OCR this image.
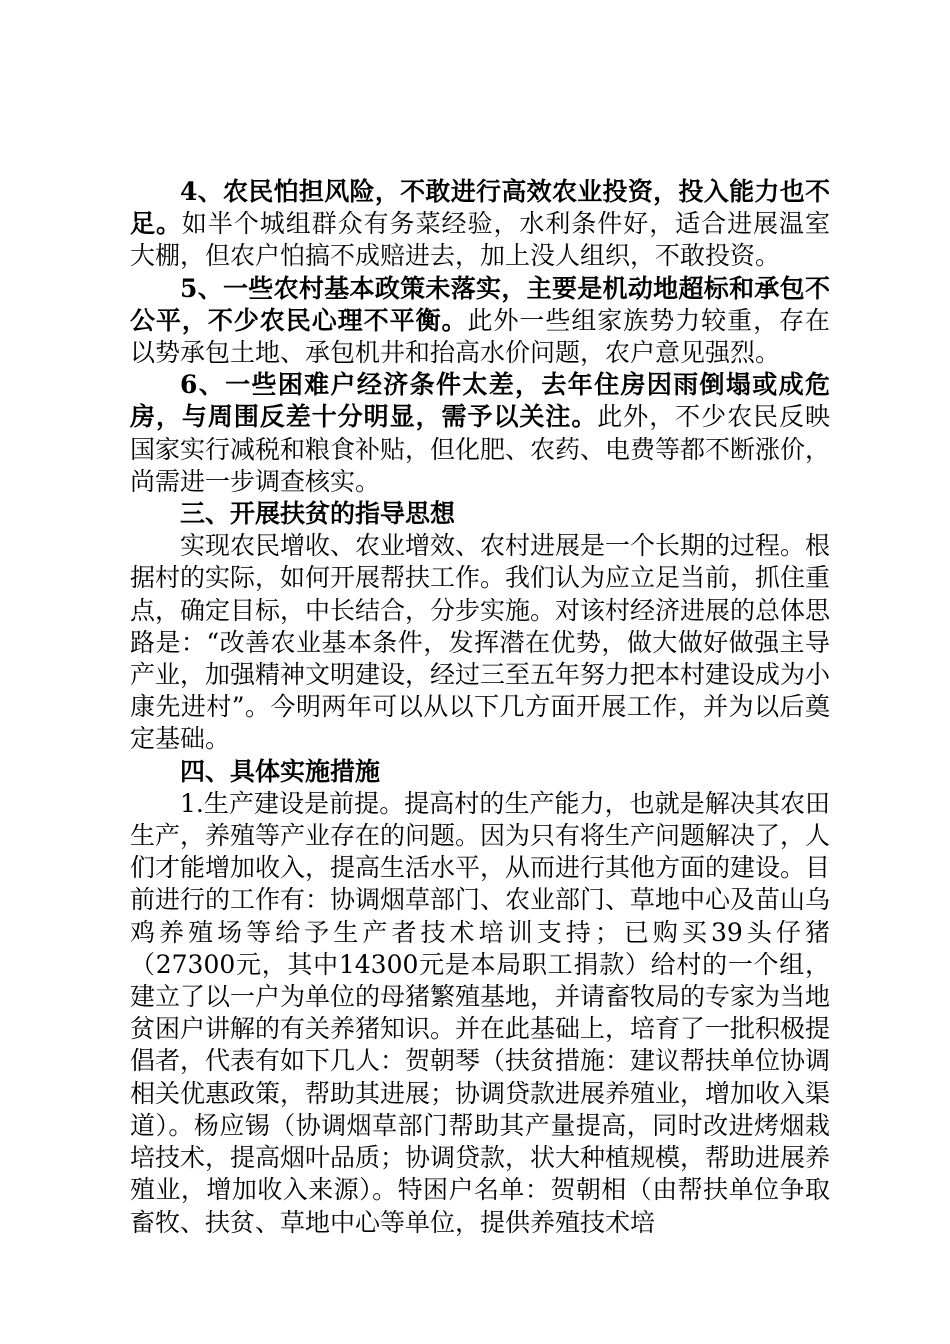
4、农民怕担风险，不敢进行高效农业投资，投入能力也不足。如半个城组群众有务菜经验，水利条件好，适合进展温室大棚，但农户怕搞不成赔进去，加上没人组织，不敢投资。

5、一些农村基本政策未落实，主要是机动地超标和承包不公平，不少农民心理不平衡。此外一些组家族势力较重，存在以势承包土地、承包机井和抬高水价问题，农户意见强烈。

6、一些困难户经济条件太差，去年住房因雨倒塌或成危房，与周围反差十分明显，需予以关注。此外，不少农民反映国家实行减税和粮食补贴，但化肥、农药、电费等都不断涨价，尚需进一步调查核实。

三、开展扶贫的指导思想

实现农民增收、农业增效、农村进展是一个长期的过程。根据村的实际，如何开展帮扶工作。我们认为应立足当前，抓住重点，确定目标，中长结合，分步实施。对该村经济进展的总体思路是：“改善农业基本条件，发挥潜在优势，做大做好做强主导产业，加强精神文明建设，经过三至五年努力把本村建设成为小康先进村”。今明两年可以从以下几方面开展工作，并为以后奠定基础。

四、具体实施措施

1.生产建设是前提。提高村的生产能力，也就是解决其农田生产，养殖等产业存在的问题。因为只有将生产问题解决了，人们才能增加收入，提高生活水平，从而进行其他方面的建设。目前进行的工作有：协调烟草部门、农业部门、草地中心及苗山乌鸡养殖场等给予生产者技术培训支持；已购买39头仔猪（27300元，其中14300元是本局职工捐款）给村的一个组，建立了以一户为单位的母猪繁殖基地，并请畜牧局的专家为当地贫困户讲解的有关养猪知识。并在此基础上，培育了一批积极提倡者，代表有如下几人：贺朝琴（扶贫措施：建议帮扶单位协调相关优惠政策，帮助其进展；协调贷款进展养殖业，增加收入渠道）。杨应锡（协调烟草部门帮助其产量提高，同时改进烤烟栽培技术，提高烟叶品质；协调贷款，状大种植规模，帮助进展养殖业，增加收入来源）。特困户名单：贺朝相（由帮扶单位争取畜牧、扶贫、草地中心等单位，提供养殖技术培
